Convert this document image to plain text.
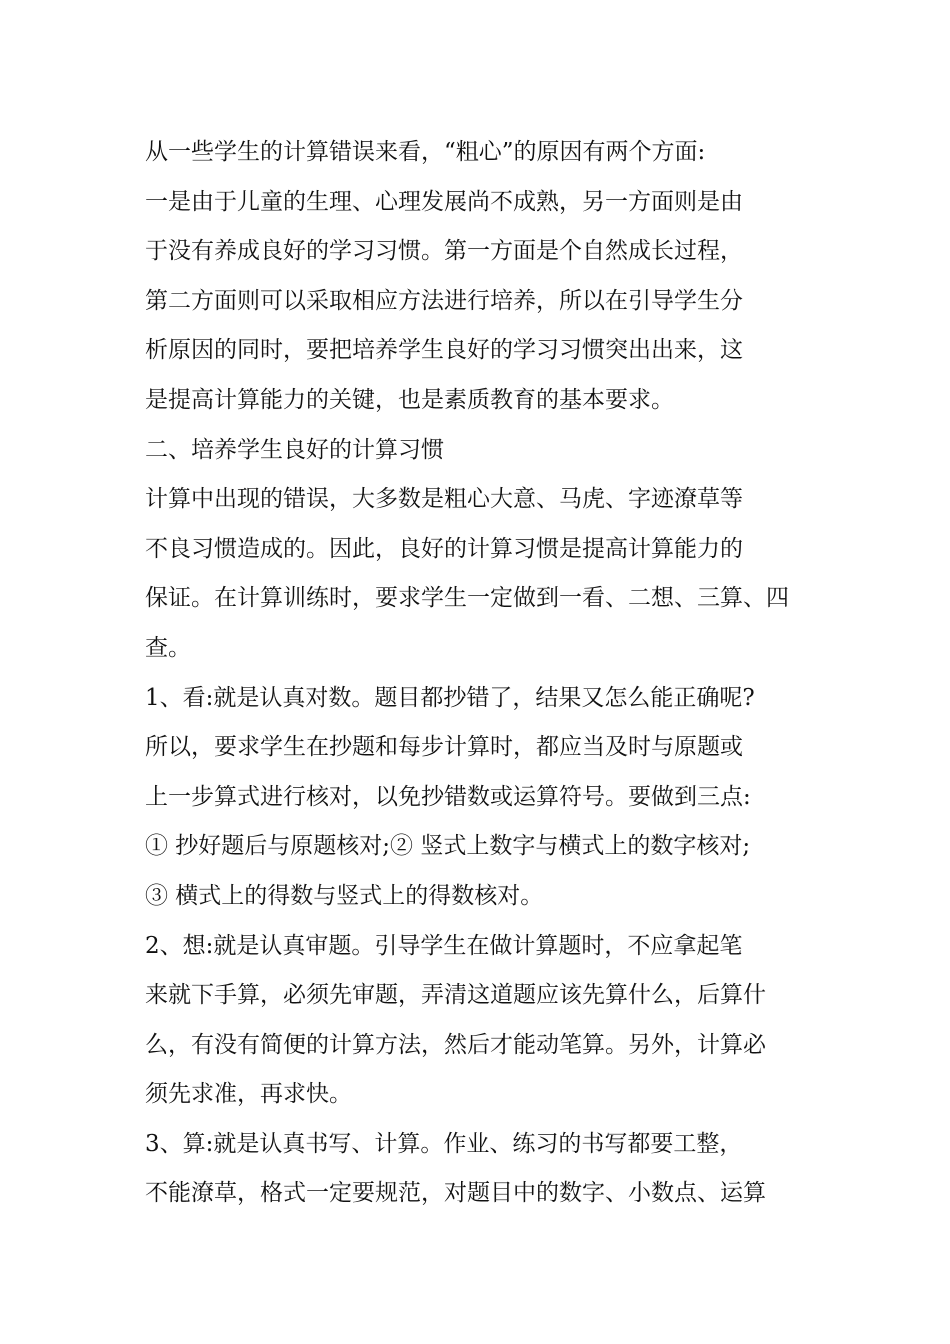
从一些学生的计算错误来看，“粗心”的原因有两个方面:
一是由于儿童的生理、心理发展尚不成熟，另一方面则是由
于没有养成良好的学习习惯。第一方面是个自然成长过程，
第二方面则可以采取相应方法进行培养，所以在引导学生分
析原因的同时，要把培养学生良好的学习习惯突出出来，这
是提高计算能力的关键，也是素质教育的基本要求。
二、培养学生良好的计算习惯
计算中出现的错误，大多数是粗心大意、马虎、字迹潦草等
不良习惯造成的。因此，良好的计算习惯是提高计算能力的
保证。在计算训练时，要求学生一定做到一看、二想、三算、四
查。
1、看:就是认真对数。题目都抄错了，结果又怎么能正确呢?
所以，要求学生在抄题和每步计算时，都应当及时与原题或
上一步算式进行核对，以免抄错数或运算符号。要做到三点:
① 抄好题后与原题核对;② 竖式上数字与横式上的数字核对;
③ 横式上的得数与竖式上的得数核对。
2、想:就是认真审题。引导学生在做计算题时，不应拿起笔
来就下手算，必须先审题，弄清这道题应该先算什么，后算什
么，有没有简便的计算方法，然后才能动笔算。另外，计算必
须先求准，再求快。
3、算:就是认真书写、计算。作业、练习的书写都要工整，
不能潦草，格式一定要规范，对题目中的数字、小数点、运算
